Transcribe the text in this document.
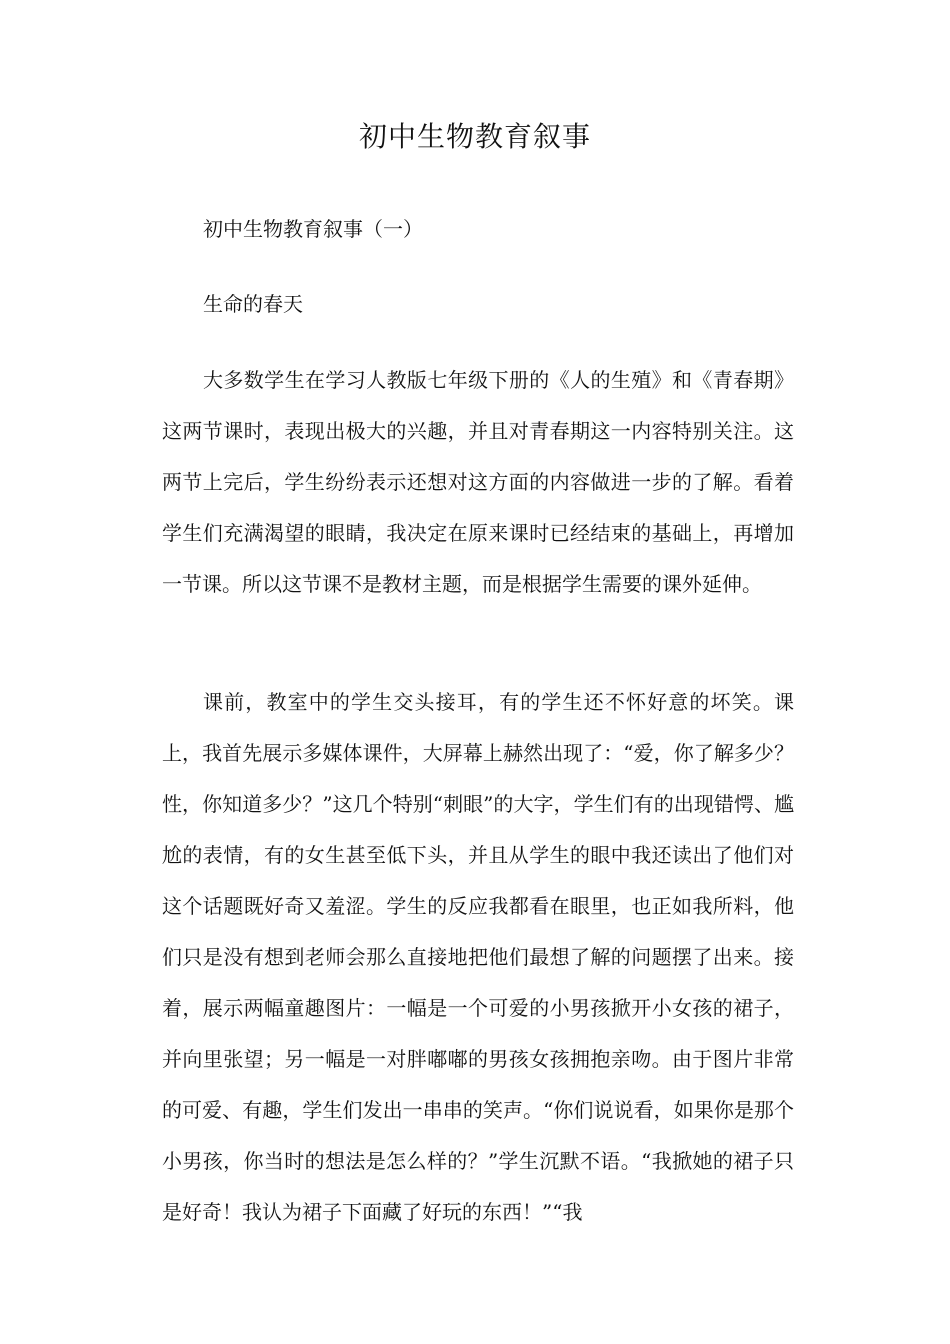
初中生物教育叙事
初中生物教育叙事（一）
生命的春天

大多数学生在学习人教版七年级下册的《人的生殖》和《青春期》这两节课时，表现出极大的兴趣，并且对青春期这一内容特别关注。这两节上完后，学生纷纷表示还想对这方面的内容做进一步的了解。看着学生们充满渴望的眼睛，我决定在原来课时已经结束的基础上，再增加一节课。所以这节课不是教材主题，而是根据学生需要的课外延伸。

课前，教室中的学生交头接耳，有的学生还不怀好意的坏笑。课上，我首先展示多媒体课件，大屏幕上赫然出现了：“爱，你了解多少？性，你知道多少？”这几个特别“刺眼”的大字，学生们有的出现错愕、尴尬的表情，有的女生甚至低下头，并且从学生的眼中我还读出了他们对这个话题既好奇又羞涩。学生的反应我都看在眼里，也正如我所料，他们只是没有想到老师会那么直接地把他们最想了解的问题摆了出来。接着，展示两幅童趣图片：一幅是一个可爱的小男孩掀开小女孩的裙子，并向里张望；另一幅是一对胖嘟嘟的男孩女孩拥抱亲吻。由于图片非常的可爱、有趣，学生们发出一串串的笑声。“你们说说看，如果你是那个小男孩，你当时的想法是怎么样的？”学生沉默不语。“我掀她的裙子只是好奇！我认为裙子下面藏了好玩的东西！”“我
